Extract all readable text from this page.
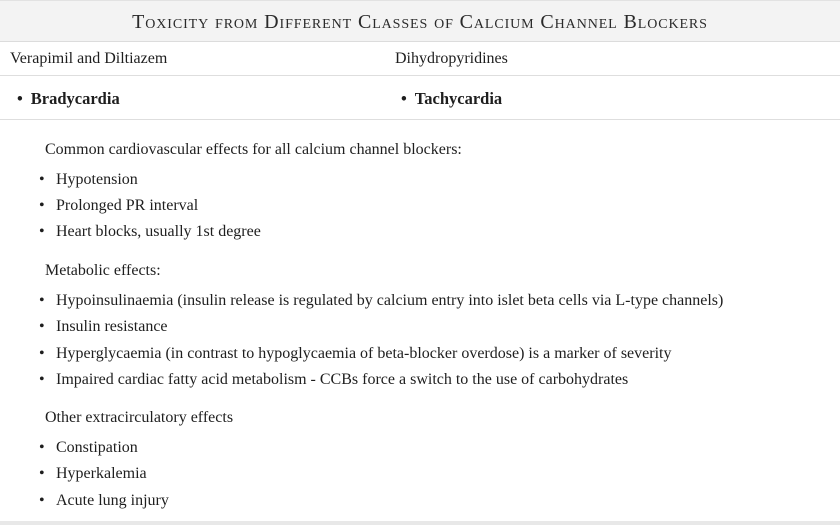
Toxicity from Different Classes of Calcium Channel Blockers
Verapimil and Diltiazem	Dihydropyridines
• Bradycardia	• Tachycardia
Common cardiovascular effects for all calcium channel blockers:
• Hypotension
• Prolonged PR interval
• Heart blocks, usually 1st degree
Metabolic effects:
• Hypoinsulinaemia (insulin release is regulated by calcium entry into islet beta cells via L-type channels)
• Insulin resistance
• Hyperglycaemia (in contrast to hypoglycaemia of beta-blocker overdose) is a marker of severity
• Impaired cardiac fatty acid metabolism - CCBs force a switch to the use of carbohydrates
Other extracirculatory effects
• Constipation
• Hyperkalemia
• Acute lung injury
